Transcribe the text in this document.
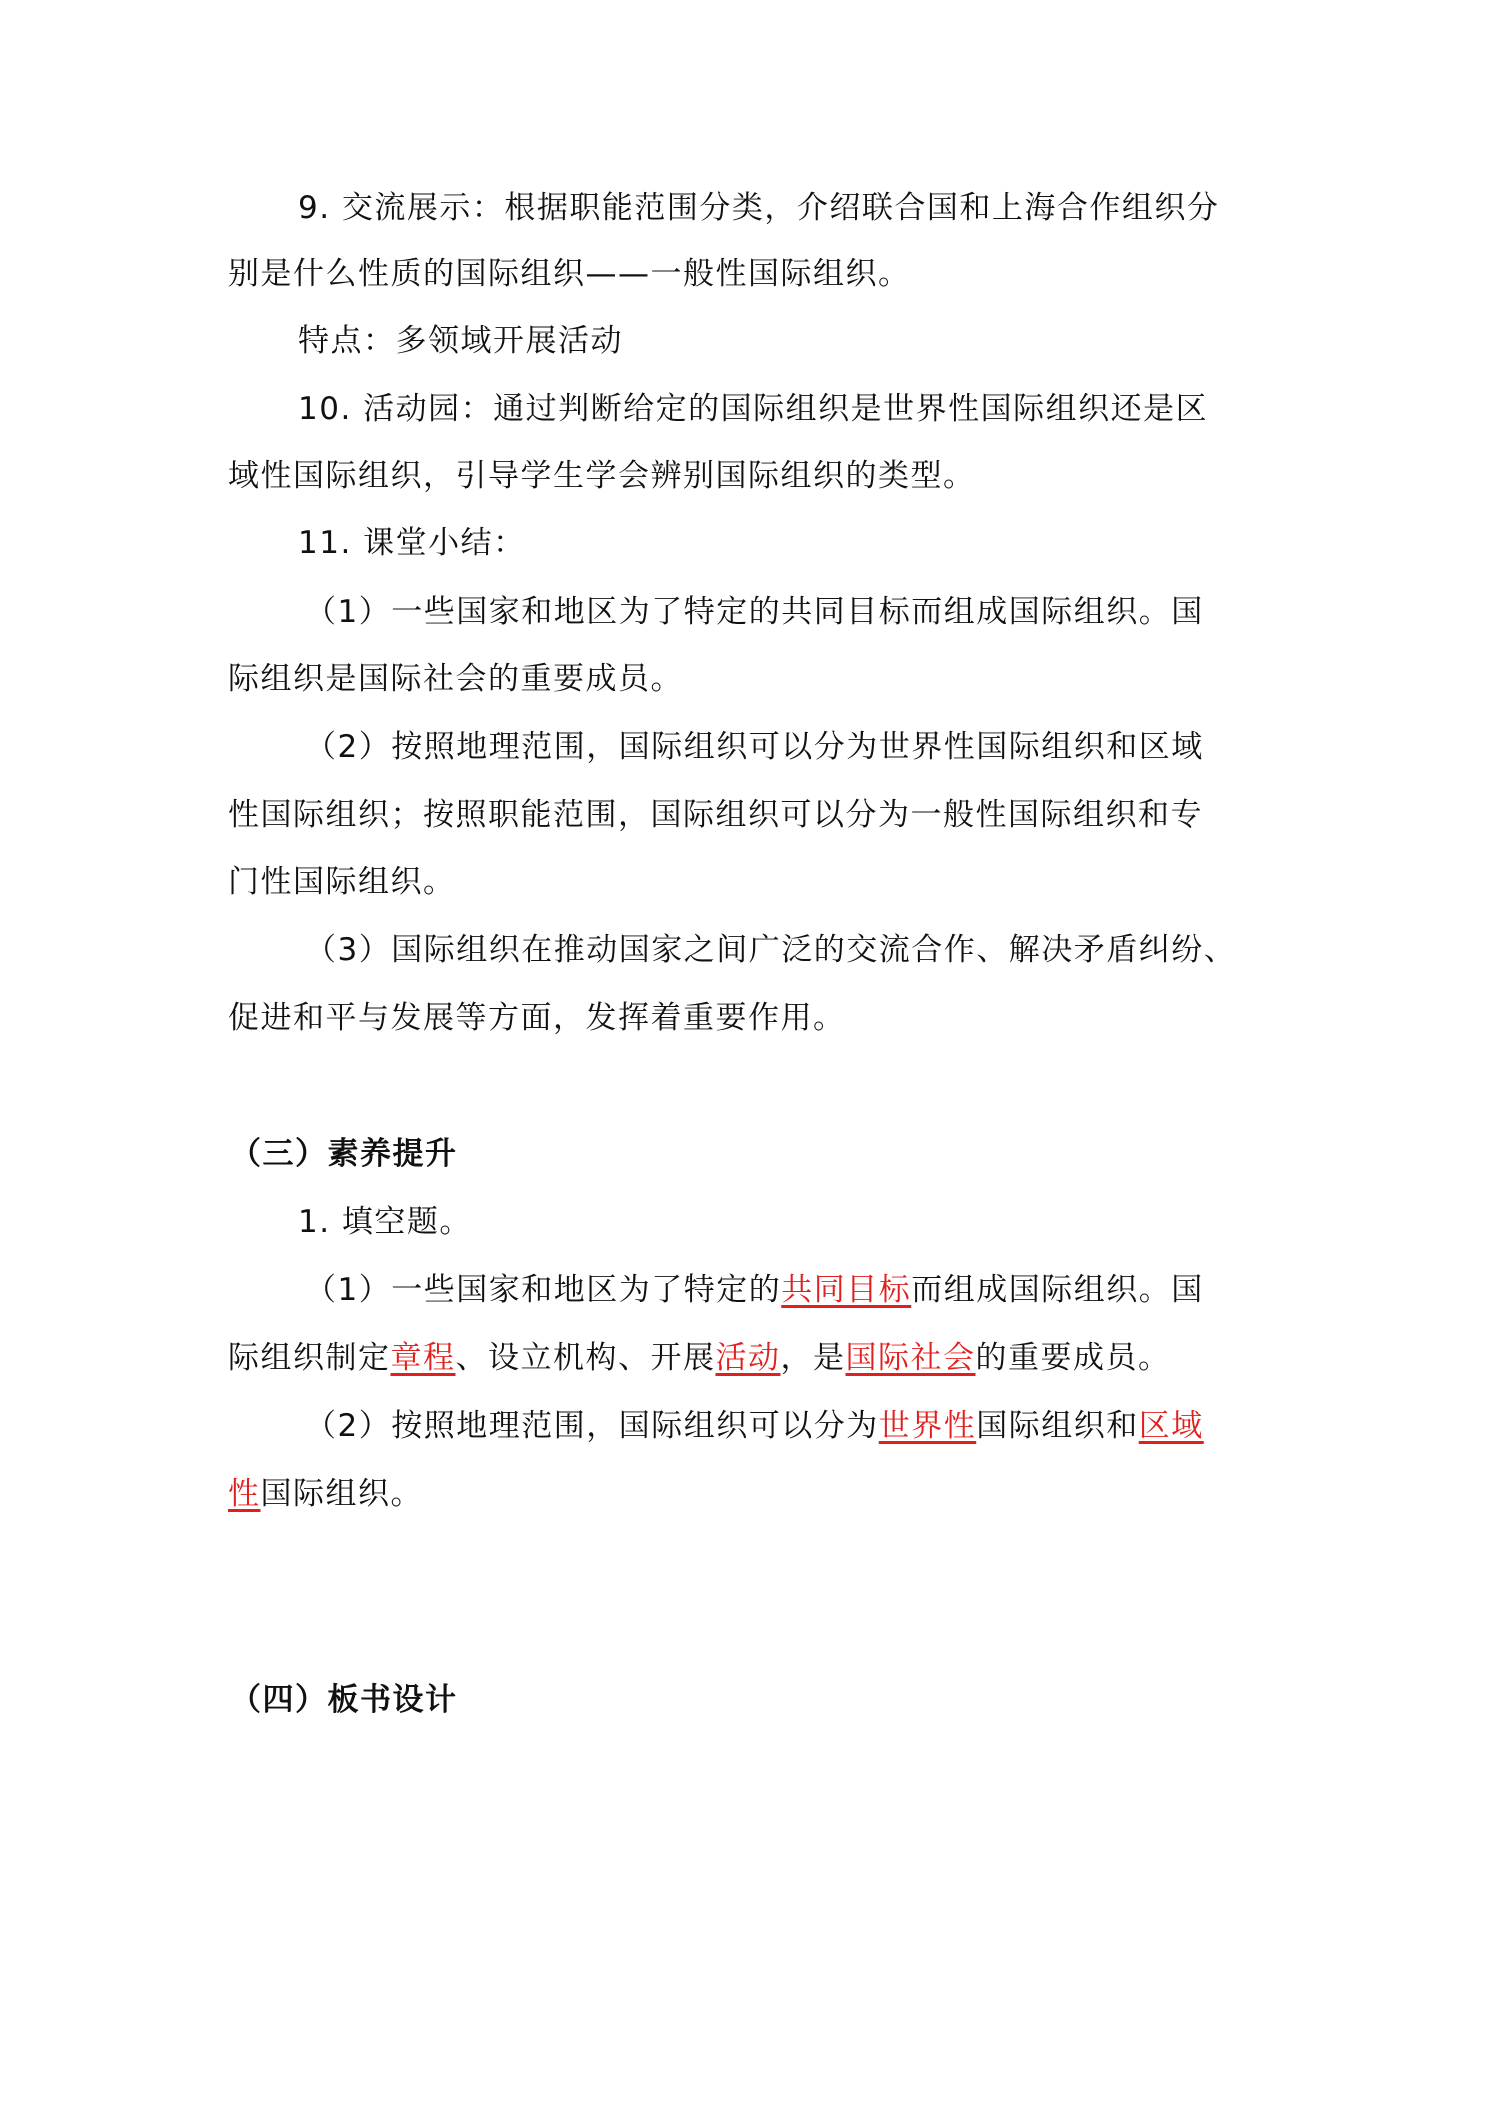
9. 交流展示：根据职能范围分类，介绍联合国和上海合作组织分
别是什么性质的国际组织——一般性国际组织。
特点：多领域开展活动
10. 活动园：通过判断给定的国际组织是世界性国际组织还是区
域性国际组织，引导学生学会辨别国际组织的类型。
11. 课堂小结：
（1）一些国家和地区为了特定的共同目标而组成国际组织。国
际组织是国际社会的重要成员。
（2）按照地理范围，国际组织可以分为世界性国际组织和区域
性国际组织；按照职能范围，国际组织可以分为一般性国际组织和专
门性国际组织。
（3）国际组织在推动国家之间广泛的交流合作、解决矛盾纠纷、
促进和平与发展等方面，发挥着重要作用。
（三）素养提升
1. 填空题。
（1）一些国家和地区为了特定的共同目标而组成国际组织。国
际组织制定章程、设立机构、开展活动，是国际社会的重要成员。
（2）按照地理范围，国际组织可以分为世界性国际组织和区域
性国际组织。
（四）板书设计
